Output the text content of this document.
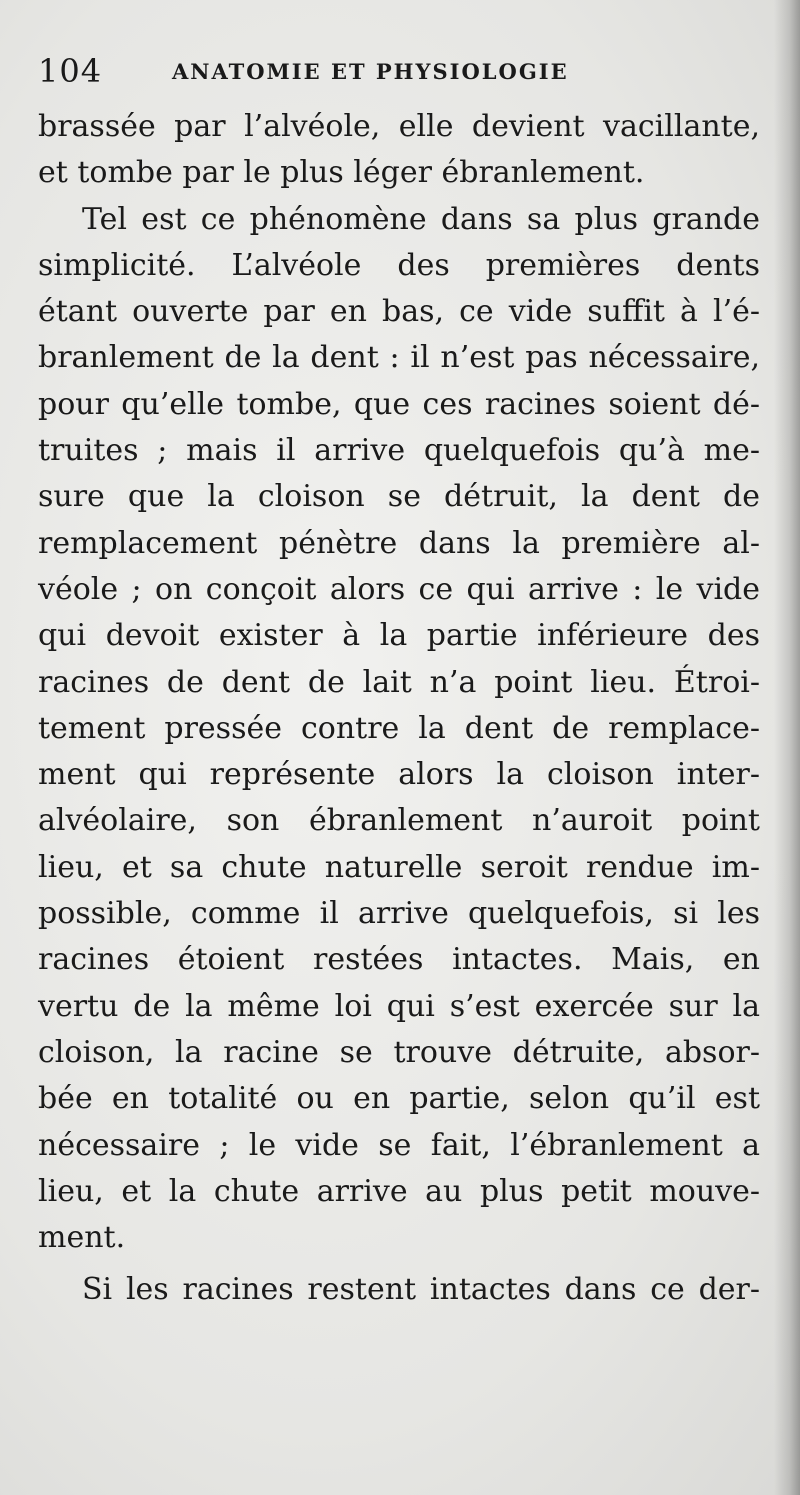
104	ANATOMIE ET PHYSIOLOGIE
brassée par l’alvéole, elle devient vacillante,
et tombe par le plus léger ébranlement.
Tel est ce phénomène dans sa plus grande
simplicité. L’alvéole des premières dents
étant ouverte par en bas, ce vide suffit à l’é-
branlement de la dent : il n’est pas nécessaire,
pour qu’elle tombe, que ces racines soient dé-
truites ; mais il arrive quelquefois qu’à me-
sure que la cloison se détruit, la dent de
remplacement pénètre dans la première al-
véole ; on conçoit alors ce qui arrive : le vide
qui devoit exister à la partie inférieure des
racines de dent de lait n’a point lieu. Étroi-
tement pressée contre la dent de remplace-
ment qui représente alors la cloison inter-
alvéolaire, son ébranlement n’auroit point
lieu, et sa chute naturelle seroit rendue im-
possible, comme il arrive quelquefois, si les
racines étoient restées intactes. Mais, en
vertu de la même loi qui s’est exercée sur la
cloison, la racine se trouve détruite, absor-
bée en totalité ou en partie, selon qu’il est
nécessaire ; le vide se fait, l’ébranlement a
lieu, et la chute arrive au plus petit mouve-
ment.
Si les racines restent intactes dans ce der-
